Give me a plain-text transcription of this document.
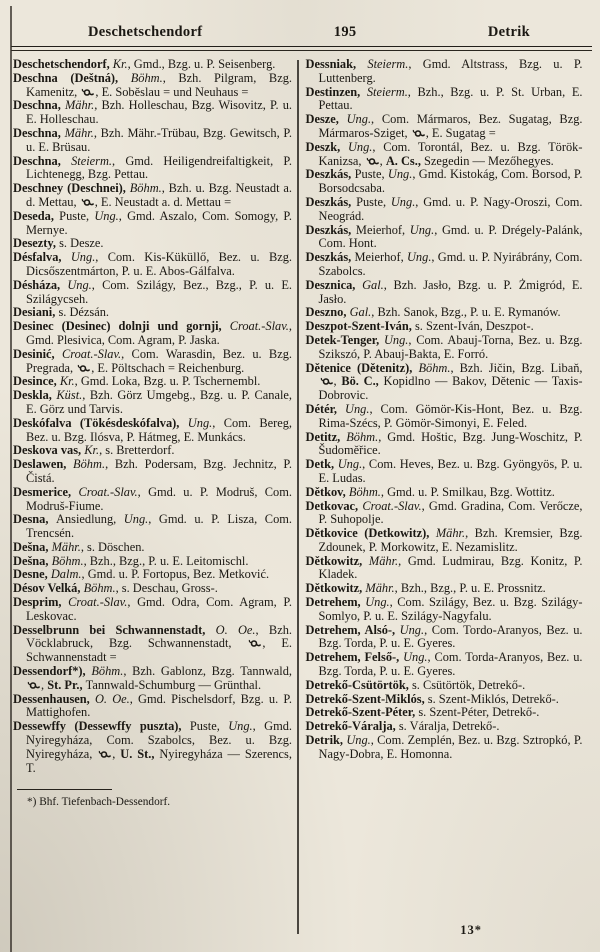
Deschetschendorf	195	Detrik

Deschetschendorf, Kr., Gmd., Bzg. u. P. Seisenberg.

Deschna (Deštná), Böhm., Bzh. Pilgram, Bzg. Kamenitz,
, E. Soběslau = und Neuhaus =

Deschna, Mähr., Bzh. Holleschau, Bzg. Wisovitz, P. u. E. Holleschau.

Deschna, Mähr., Bzh. Mähr.-Trübau, Bzg. Gewitsch, P. u. E. Brüsau.

Deschna, Steierm., Gmd. Heiligendreifaltigkeit, P. Lichtenegg, Bzg. Pettau.

Deschney (Deschnei), Böhm., Bzh. u. Bzg. Neustadt a. d. Mettau,
, E. Neustadt a. d. Mettau =

Deseda, Puste, Ung., Gmd. Aszalo, Com. Somogy, P. Mernye.

Desezty, s. Desze.

Désfalva, Ung., Com. Kis-Küküllő, Bez. u. Bzg. Dicsőszentmárton, P. u. E. Abos-Gálfalva.

Désháza, Ung., Com. Szilágy, Bez., Bzg., P. u. E. Szilágycseh.

Desiani, s. Dézsán.

Desinec (Desinec) dolnji und gornji, Croat.-Slav., Gmd. Plesivica, Com. Agram, P. Jaska.

Desinić, Croat.-Slav., Com. Warasdin, Bez. u. Bzg. Pregrada,
, E. Pöltschach = Reichenburg.

Desince, Kr., Gmd. Loka, Bzg. u. P. Tschernembl.

Deskla, Küst., Bzh. Görz Umgebg., Bzg. u. P. Canale, E. Görz und Tarvis.

Deskófalva (Tökésdeskófalva), Ung., Com. Bereg, Bez. u. Bzg. Ilósva, P. Hátmeg, E. Munkács.

Deskova vas, Kr., s. Bretterdorf.

Deslawen, Böhm., Bzh. Podersam, Bzg. Jechnitz, P. Čistá.

Desmerice, Croat.-Slav., Gmd. u. P. Modruš, Com. Modruš-Fiume.

Desna, Ansiedlung, Ung., Gmd. u. P. Lisza, Com. Trencsén.

Dešna, Mähr., s. Döschen.

Dešna, Böhm., Bzh., Bzg., P. u. E. Leitomischl.

Desne, Dalm., Gmd. u. P. Fortopus, Bez. Metković.

Désov Velká, Böhm., s. Deschau, Gross-.

Desprim, Croat.-Slav., Gmd. Odra, Com. Agram, P. Leskovac.

Desselbrunn bei Schwannenstadt, O. Oe., Bzh. Vöcklabruck, Bzg. Schwannenstadt,
, E. Schwannenstadt =

Dessendorf*), Böhm., Bzh. Gablonz, Bzg. Tannwald,
, St. Pr., Tannwald-Schumburg — Grünthal.

Dessenhausen, O. Oe., Gmd. Pischelsdorf, Bzg. u. P. Mattighofen.

Dessewffy (Dessewffy puszta), Puste, Ung., Gmd. Nyiregyháza, Com. Szabolcs, Bez. u. Bzg. Nyiregyháza,
, U. St., Nyiregyháza — Szerencs, T.

*) Bhf. Tiefenbach-Dessendorf.

Dessniak, Steierm., Gmd. Altstrass, Bzg. u. P. Luttenberg.

Destinzen, Steierm., Bzh., Bzg. u. P. St. Urban, E. Pettau.

Desze, Ung., Com. Mármaros, Bez. Sugatag, Bzg. Mármaros-Sziget,
, E. Sugatag =

Deszk, Ung., Com. Torontál, Bez. u. Bzg. Török-Kanizsa,
, A. Cs., Szegedin — Mezőhegyes.

Deszkás, Puste, Ung., Gmd. Kistokág, Com. Borsod, P. Borsodcsaba.

Deszkás, Puste, Ung., Gmd. u. P. Nagy-Oroszi, Com. Neográd.

Deszkás, Meierhof, Ung., Gmd. u. P. Drégely-Palánk, Com. Hont.

Deszkás, Meierhof, Ung., Gmd. u. P. Nyirábrány, Com. Szabolcs.

Desznica, Gal., Bzh. Jasło, Bzg. u. P. Żmigród, E. Jasło.

Deszno, Gal., Bzh. Sanok, Bzg., P. u. E. Rymanów.

Deszpot-Szent-Iván, s. Szent-Iván, Deszpot-.

Detek-Tenger, Ung., Com. Abauj-Torna, Bez. u. Bzg. Szikszó, P. Abauj-Bakta, E. Forró.

Dětenice (Dětenitz), Böhm., Bzh. Jičin, Bzg. Libaň,
, Bö. C., Kopidlno — Bakov, Dětenic — Taxis-Dobrovic.

Détér, Ung., Com. Gömör-Kis-Hont, Bez. u. Bzg. Rima-Szécs, P. Gömör-Simonyi, E. Feled.

Detitz, Böhm., Gmd. Hoštic, Bzg. Jung-Woschitz, P. Šudoměřice.

Detk, Ung., Com. Heves, Bez. u. Bzg. Gyöngyös, P. u. E. Ludas.

Dětkov, Böhm., Gmd. u. P. Smilkau, Bzg. Wottitz.

Detkovac, Croat.-Slav., Gmd. Gradina, Com. Verőcze, P. Suhopolje.

Dětkovice (Detkowitz), Mähr., Bzh. Kremsier, Bzg. Zdounek, P. Morkowitz, E. Nezamislitz.

Dětkowitz, Mähr., Gmd. Ludmirau, Bzg. Konitz, P. Kladek.

Dětkowitz, Mähr., Bzh., Bzg., P. u. E. Prossnitz.

Detrehem, Ung., Com. Szilágy, Bez. u. Bzg. Szilágy-Somlyo, P. u. E. Szilágy-Nagyfalu.

Detrehem, Alsó-, Ung., Com. Tordo-Aranyos, Bez. u. Bzg. Torda, P. u. E. Gyeres.

Detrehem, Felső-, Ung., Com. Torda-Aranyos, Bez. u. Bzg. Torda, P. u. E. Gyeres.

Detrekő-Csütörtök, s. Csütörtök, Detrekő-.

Detrekő-Szent-Miklós, s. Szent-Miklós, Detrekő-.

Detrekő-Szent-Péter, s. Szent-Péter, Detrekő-.

Detrekő-Váralja, s. Váralja, Detrekő-.

Detrik, Ung., Com. Zemplén, Bez. u. Bzg. Sztropkó, P. Nagy-Dobra, E. Homonna.

13*
